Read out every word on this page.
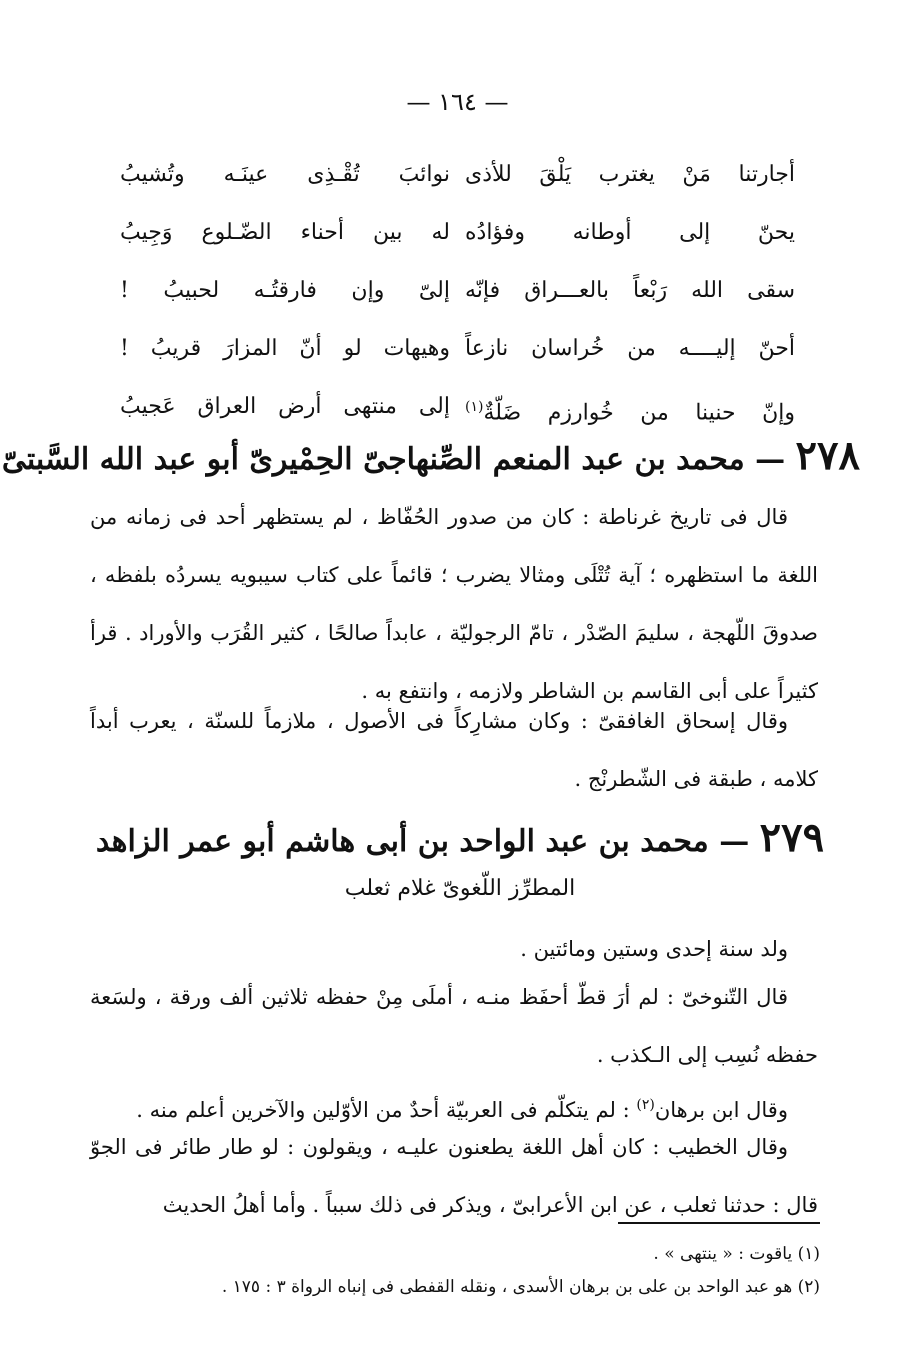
— ١٦٤ —
أجارتنا مَنْ يغترب يَلْقَ للأذى
نوائبَ تُقْـذِى عينَـه وتُشيبُ
يحنّ إلى أوطانه وفؤادُه
له بين أحناء الضّـلوع وَجِيبُ
سقى الله رَبْعاً بالعـــراق فإنّه
إلىّ وإن فارقتُـه لحبيبُ !
أحنّ إليــــه من خُراسان نازعاً
وهيهات لو أنّ المزارَ قريبُ !
وإنّ حنينا من خُوارزم ضَلّةٌ$^{(١)}$
إلى منتهى أرض العراق عَجيبُ
٢٧٨ — محمد بن عبد المنعم الصِّنهاجىّ الحِمْيرىّ أبو عبد الله السَّبتىّ
قال فى تاريخ غرناطة : كان من صدور الحُفّاظ ، لم يستظهر أحد فى زمانه من اللغة ما استظهره ؛ آية تُتْلَى ومثالا يضرب ؛ قائماً على كتاب سيبويه يسردُه بلفظه ، صدوقَ اللّهجة ، سليمَ الصّدْر ، تامّ الرجوليّة ، عابداً صالحًا ، كثير القُرَب والأوراد . قرأ كثيراً على أبى القاسم بن الشاطر ولازمه ، وانتفع به .
وقال إسحاق الغافقىّ : وكان مشارِكاً فى الأصول ، ملازماً للسنّة ، يعرب أبداً كلامه ، طبقة فى الشّطرنْج .
٢٧٩ — محمد بن عبد الواحد بن أبى هاشم أبو عمر الزاهد
المطرِّز اللّغوىّ غلام ثعلب
ولد سنة إحدى وستين ومائتين .
قال التّنوخىّ : لم أرَ قطّ أحفَظ منـه ، أملَى مِنْ حفظه ثلاثين ألف ورقة ، ولسَعة حفظه نُسِب إلى الـكذب .
وقال ابن برهان$^{(٢)}$ : لم يتكلّم فى العربيّة أحدٌ من الأوّلين والآخرين أعلم منه .
وقال الخطيب : كان أهل اللغة يطعنون عليـه ، ويقولون : لو طار طائر فى الجوّ قال : حدثنا ثعلب ، عن ابن الأعرابىّ ، ويذكر فى ذلك سبباً . وأما أهلُ الحديث
(١) ياقوت : « ينتهى » .
(٢) هو عبد الواحد بن على بن برهان الأسدى ، ونقله القفطى فى إنباه الرواة ٣ : ١٧٥ .
